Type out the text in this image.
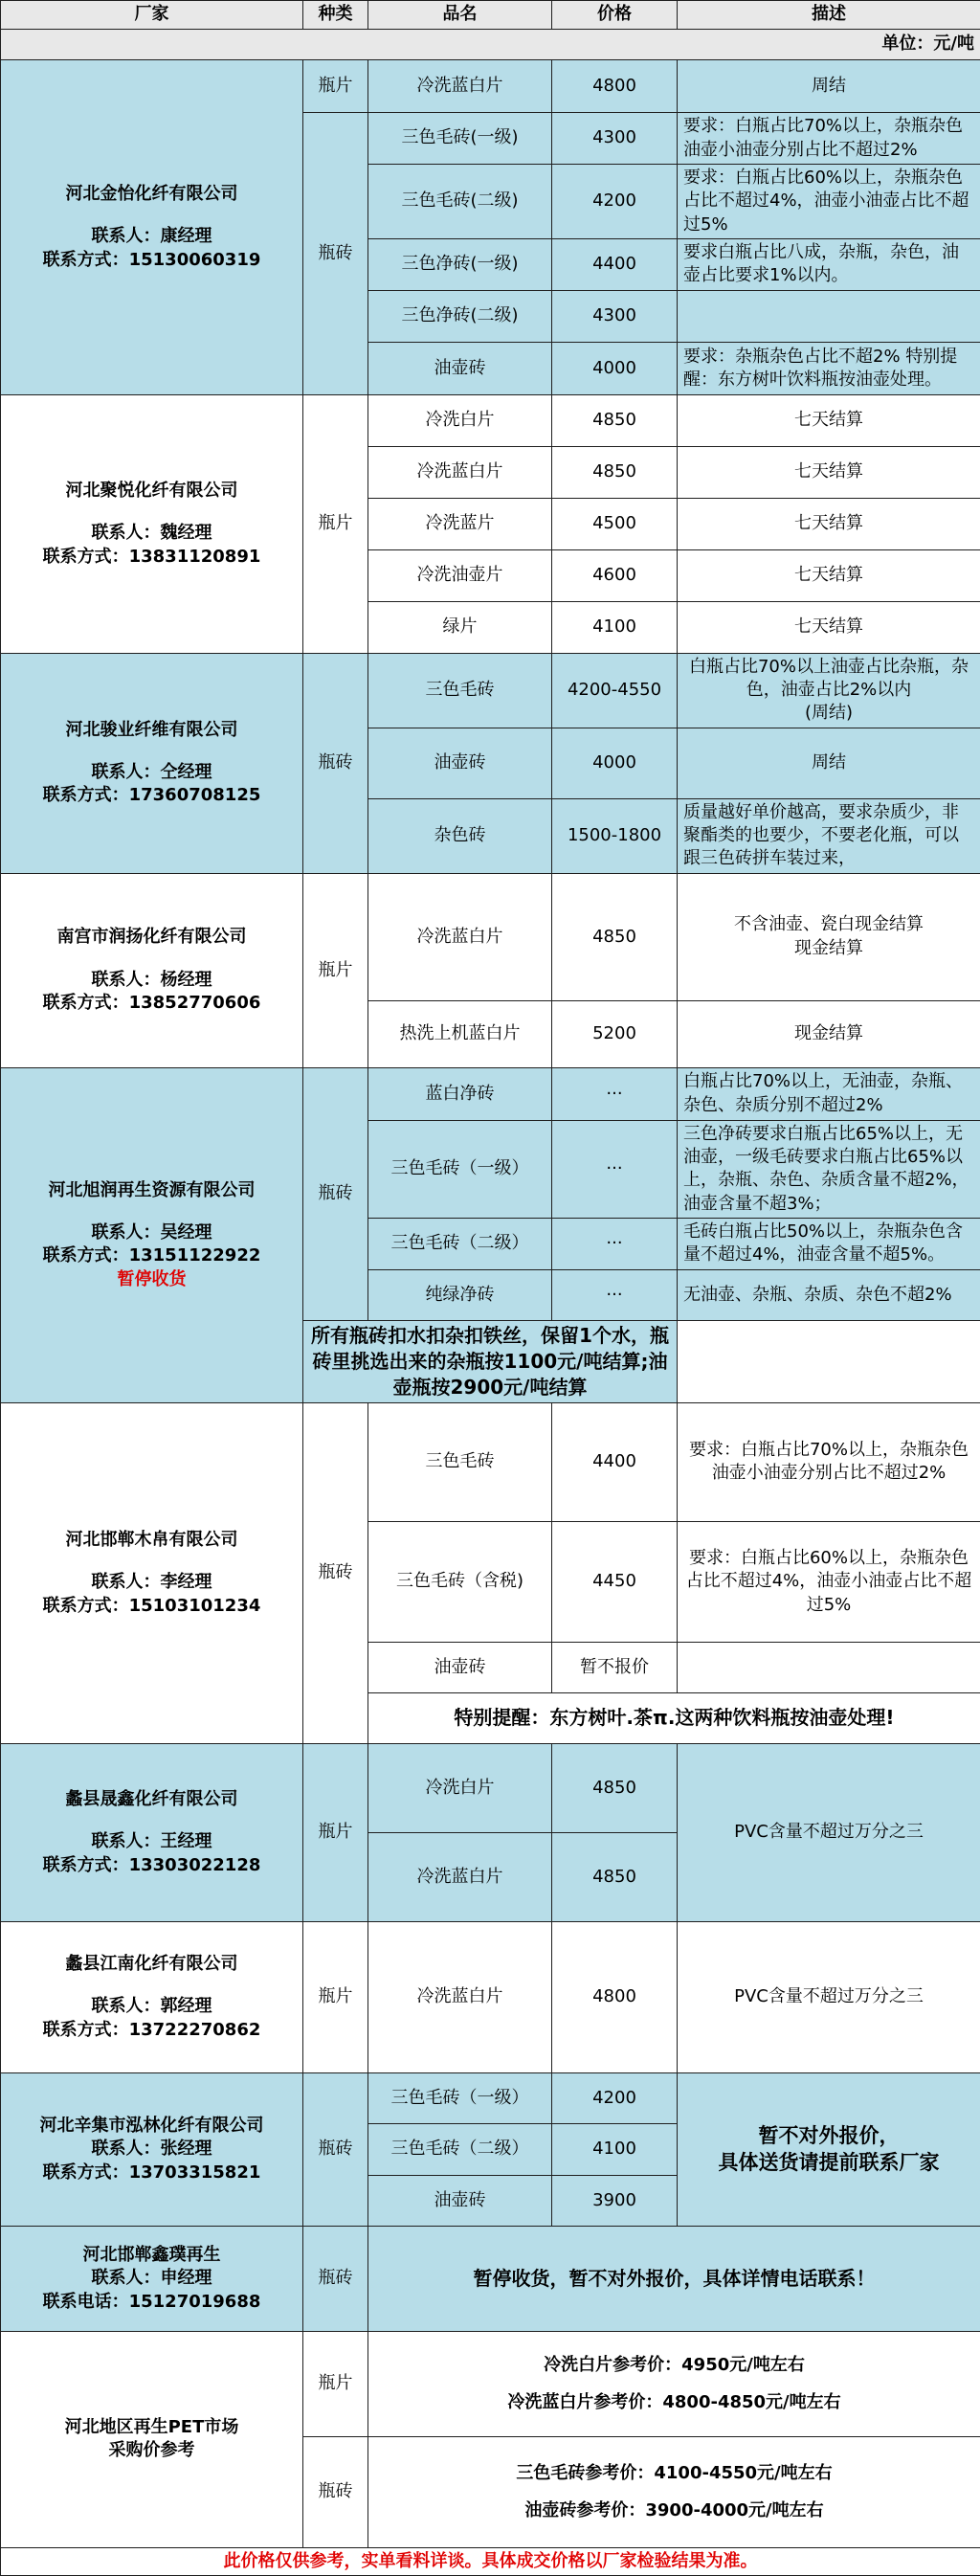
厂家	种类	品名	价格	描述
单位：元/吨				

河北金怡化纤有限公司
联系人：康经理
联系方式：15130060319	瓶片	冷洗蓝白片	4800	周结
	瓶砖	三色毛砖(一级)	4300	要求：白瓶占比70%以上，杂瓶杂色油壶小油壶分别占比不超过2%
		三色毛砖(二级)	4200	要求：白瓶占比60%以上，杂瓶杂色占比不超过4%，油壶小油壶占比不超过5%
		三色净砖(一级)	4400	要求白瓶占比八成，杂瓶，杂色，油壶占比要求1%以内。
		三色净砖(二级)	4300	
		油壶砖	4000	要求：杂瓶杂色占比不超2% 特别提醒：东方树叶饮料瓶按油壶处理。

河北聚悦化纤有限公司
联系人：魏经理
联系方式：13831120891	瓶片	冷洗白片	4850	七天结算
		冷洗蓝白片	4850	七天结算
		冷洗蓝片	4500	七天结算
		冷洗油壶片	4600	七天结算
		绿片	4100	七天结算

河北骏业纤维有限公司
联系人：仝经理
联系方式：17360708125	瓶砖	三色毛砖	4200-4550	白瓶占比70%以上油壶占比杂瓶，杂色，油壶占比2%以内
(周结)

		油壶砖	4000	周结
		杂色砖	1500-1800	质量越好单价越高，要求杂质少，非聚酯类的也要少，不要老化瓶，可以跟三色砖拼车装过来，

南宫市润扬化纤有限公司
联系人：杨经理
联系方式：13852770606	瓶片	冷洗蓝白片	4850	不含油壶、瓷白现金结算
现金结算

		热洗上机蓝白片	5200	现金结算

河北旭润再生资源有限公司
联系人：吴经理
联系方式：13151122922
暂停收货	瓶砖	蓝白净砖	···	白瓶占比70%以上，无油壶，杂瓶、杂色、杂质分别不超过2%
		三色毛砖（一级）	···	三色净砖要求白瓶占比65%以上，无油壶，一级毛砖要求白瓶占比65%以上，杂瓶、杂色、杂质含量不超2%，油壶含量不超3%；
		三色毛砖（二级）	···	毛砖白瓶占比50%以上，杂瓶杂色含量不超过4%，油壶含量不超5%。
		纯绿净砖	···	无油壶、杂瓶、杂质、杂色不超2%
	所有瓶砖扣水扣杂扣铁丝，保留1个水，瓶砖里挑选出来的杂瓶按1100元/吨结算;油壶瓶按2900元/吨结算			

河北邯郸木帛有限公司
联系人：李经理
联系方式：15103101234	瓶砖	三色毛砖	4400	要求：白瓶占比70%以上，杂瓶杂色油壶小油壶分别占比不超过2%
		三色毛砖（含税)	4450	要求：白瓶占比60%以上，杂瓶杂色占比不超过4%，油壶小油壶占比不超过5%
		油壶砖	暂不报价	
		特别提醒：东方树叶.茶π.这两种饮料瓶按油壶处理!		

蠡县晟鑫化纤有限公司
联系人：王经理
联系方式：13303022128	瓶片	冷洗白片	4850	PVC含量不超过万分之三
		冷洗蓝白片	4850	

蠡县江南化纤有限公司
联系人：郭经理
联系方式：13722270862	瓶片	冷洗蓝白片	4800	PVC含量不超过万分之三

河北辛集市泓林化纤有限公司
联系人：张经理
联系方式：13703315821	瓶砖	三色毛砖（一级）	4200	暂不对外报价，
具体送货请提前联系厂家

		三色毛砖（二级）	4100	
		油壶砖	3900	

河北邯郸鑫璞再生
联系人：申经理
联系电话：15127019688	瓶砖	暂停收货，暂不对外报价，具体详情电话联系！		

河北地区再生PET市场
采购价参考	瓶片	冷洗白片参考价：4950元/吨左右
冷洗蓝白片参考价：4800-4850元/吨左右		

	瓶砖	三色毛砖参考价：4100-4550元/吨左右
油壶砖参考价：3900-4000元/吨左右		

此价格仅供参考，实单看料详谈。具体成交价格以厂家检验结果为准。				
